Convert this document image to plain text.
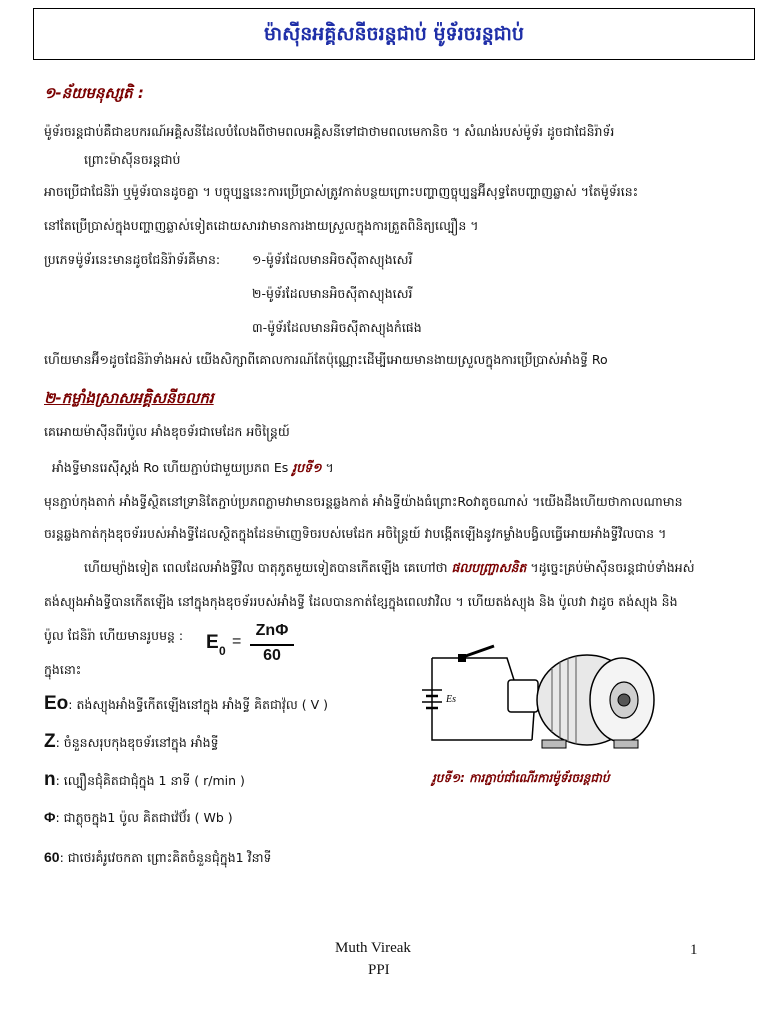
ម៉ាស៊ីនអគ្គិសនីចរន្តជាប់ ម៉ូទ័រចរន្តជាប់
១-ន័យមនុស្សតិ :
ម៉ូទ័រចរន្តជាប់គឺជាឧបករណ៍អគ្គិសនីដែលបំលែងពីថាមពលអគ្គិសនីទៅជាថាមពលមេកានិច ។ សំណង់របស់ម៉ូទ័រ ដូចជាជែនិរ៉ាទ័រ
ព្រោះម៉ាស៊ីនចរន្តជាប់
អាចប្រើជាជែនិរ៉ា ឬម៉ូទ័របានដូចគ្នា ។ បច្ចុប្បន្ននេះការប្រើប្រាស់ត្រូវកាត់បន្ថយព្រោះបញ្ហាញច្ចុប្បន្នអ៊ីសុទ្ធតែបញ្ហាញឆ្លាស់ ។តែម៉ូទ័រនេះ
នៅតែប្រើប្រាស់ក្នុងបញ្ហាញឆ្លាស់ទៀតដោយសារវាមានការងាយស្រួលក្នុងការត្រួតពិនិត្យល្បឿន ។
ប្រភេទម៉ូទ័រនេះមានដូចជែនិរ៉ាទ័រគឺមាន:	១-ម៉ូទ័រដែលមានអិចស៊ីតាស្យុងសេរី
២-ម៉ូទ័រដែលមានអិចស៊ីតាស្យុងសេរី
៣-ម៉ូទ័រដែលមានអិចស៊ីតាស្យុងកំផេង
ហើយមានអ៊ី១ដូចជែនិរ៉ាទាំងអស់ យើងសិក្សាពីគោលការណ៍តែប៉ុណ្ណោះដើម្បីអោយមានងាយស្រួលក្នុងការប្រើប្រាស់អាំងទ្វី Ro
២-កម្លាំងស្រាសអគ្គិសនីចលករ
គេអោយម៉ាស៊ីនពីរប៉ូល អាំងឌុចទ័រជាមេដែក អចិន្ត្រៃយ៍
អាំងទ្វីមានរេស៊ីស្តង់ Ro ហើយភ្ជាប់ជាមួយប្រភព Es រូបទី១ ។
មុនភ្ជាប់កុងតាក់ អាំងទ្វីស្ថិតនៅទ្រានិតែភ្ជាប់ប្រភពភ្លាមវាមានចរន្តឆ្លងកាត់ អាំងទ្វីយ៉ាងធំព្រោះRoវាតូចណាស់ ។យើងដឹងហើយថាកាលណាមាន
ចរន្តឆ្លងកាត់កុងឌុចទ័ររបស់អាំងទ្វីដែលស្ថិតក្នុងដែនម៉ាញេទិចរបស់មេដែក អចិន្ត្រៃយ៍ វាបង្កើតឡើងនូវកម្លាំងបង្វិលធ្វើអោយអាំងទ្វីវិលបាន ។
ហើយម្យ៉ាងទៀត ពេលដែលអាំងទ្វីវិល បាតុភូតមួយទៀតបានកើតឡើង គេហៅថា ផលបញ្ច្រាសនិត ។ដូច្នេះគ្រប់ម៉ាស៊ីនចរន្តជាប់ទាំងអស់
តង់ស្យុងអាំងទ្វីបានកើតឡើង នៅក្នុងកុងឌុចទ័ររបស់អាំងទ្វី ដែលបានកាត់ខ្សែក្នុងពេលវាវិល ។ ហើយតង់ស្យុង និង ប៉ូលវា វាដូច តង់ស្យុង និង
ប៉ូល ជែនិរ៉ា ហើយមានរូបមន្ត :
ក្នុងនោះ
E 0
=
ZnΦ
60
Eo: តង់ស្យុងអាំងទ្វីកើតឡើងនៅក្នុង អាំងទ្វី គិតជាវ៉ុល ( V )
Z: ចំនួនសរុបកុងឌុចទ័រនៅក្នុង អាំងទ្វី
n: ល្បឿនជុំគិតជាជុំក្នុង 1 នាទី ( r/min )
Φ: ជាភ្លុចក្នុង1 ប៉ូល គិតជាវ៉េប៊័រ ( Wb )
60: ជាថេរគំរូវេចកតា ព្រោះគិតចំនួនជុំក្នុង1 វិនាទី
Es
រូបទី១: ការភ្ជាប់ជាំណើរការម៉ូទ័រចរន្តជាប់
Muth Vireak
PPI
1
